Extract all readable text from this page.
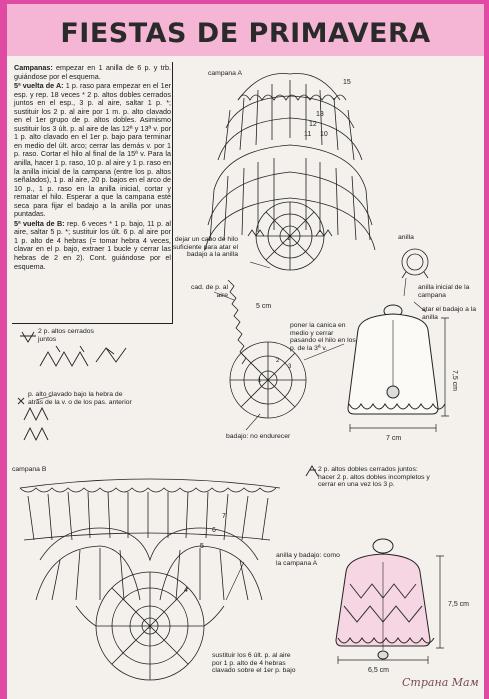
FIESTAS DE PRIMAVERA

Campanas: empezar en 1 anilla de 6 p. y trb. guiándose por el esquema.

5ª vuelta de A: 1 p. raso para empezar en el 1er esp. y rep. 18 veces * 2 p. altos dobles cerrados juntos en el esp., 3 p. al aire, saltar 1 p. *; sustituir los 2 p. al aire por 1 m. p. alto clavado en el 1er grupo de p. altos dobles. Asimismo sustituir los 3 últ. p. al aire de las 12ª y 13ª v. por 1 p. alto clavado en el 1er p. bajo para terminar en medio del últ. arco; cerrar las demás v. por 1 p. raso. Cortar el hilo al final de la 15ª v. Para la anilla, hacer 1 p. raso, 10 p. al aire y 1 p. raso en la anilla inicial de la campana (entre los p. altos señalados), 1 p. al aire, 20 p. bajos en el arco de 10 p., 1 p. raso en la anilla inicial, cortar y rematar el hilo. Esperar a que la campana esté seca para fijar el badajo a la anilla por unas puntadas.

5ª vuelta de B: rep. 6 veces * 1 p. bajo, 11 p. al aire, saltar 5 p. *; sustituir los últ. 6 p. al aire por 1 p. alto de 4 hebras (= tomar hebra 4 veces, clavar en el p. bajo, extraer 1 bucle y cerrar las hebras de 2 en 2). Cont. guiándose por el esquema.

15
13
12
11 10
1
1
2
3
5 cm
7,5 cm
7 cm
1
7
6
5
4
7,5 cm
6,5 cm

campana A

campana B

anilla

anilla inicial de la campana

atar el badajo a la anilla

dejar un cabo de hilo suficiente para atar el badajo a la anilla

cad. de p. al aire

poner la canica en medio y cerrar pasando el hilo en los p. de la 3ª v.

badajo: no endurecer

anilla y badajo: como la campana A

sustituir los 6 últ. p. al aire por 1 p. alto de 4 hebras clavado sobre el 1er p. bajo

2 p. altos cerrados juntos

p. alto clavado bajo la hebra de atrás de la v. o de los pas. anterior

2 p. altos dobles cerrados juntos: hacer 2 p. altos dobles incompletos y cerrar en una vez los 3 p.

Страна Мам
